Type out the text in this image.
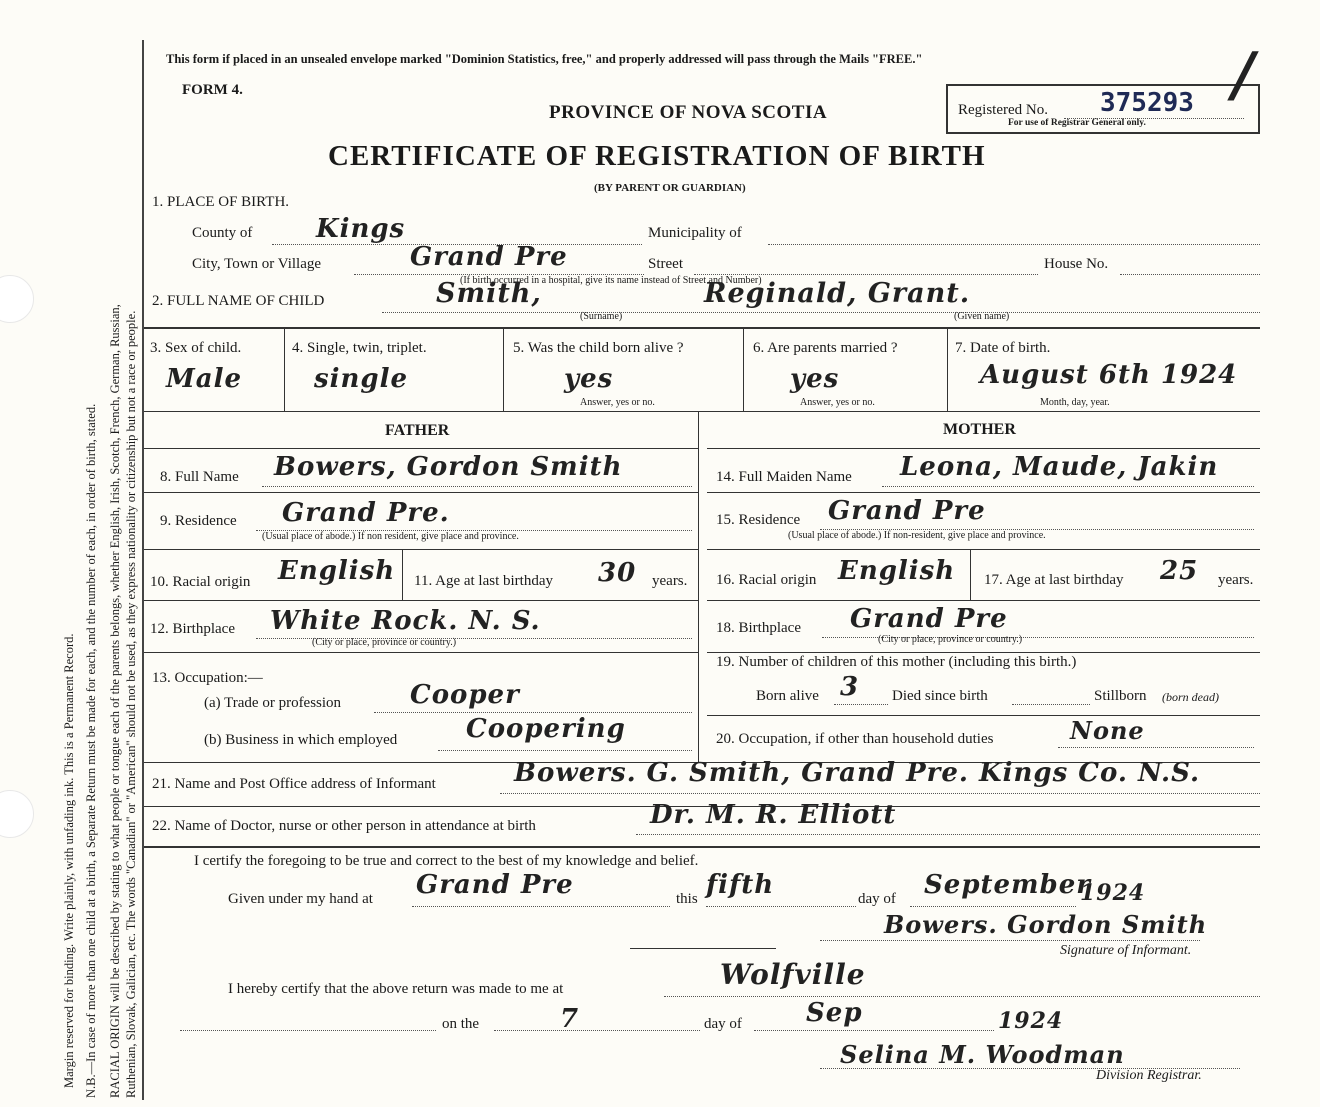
Margin reserved for binding. Write plainly, with unfading ink. This is a Permanent Record. N.B.—In case of more than one child at a birth, a Separate Return must be made for each, and the number of each, in order of birth, stated. RACIAL ORIGIN will be described by stating to what people or tongue each of the parents belongs, whether English, Irish, Scotch, French, German, Russian, Ruthenian, Slovak, Galician, etc. The words "Canadian" or "American" should not be used, as they express nationality or citizenship but not a race or people.
This form if placed in an unsealed envelope marked "Dominion Statistics, free," and properly addressed will pass through the Mails "FREE."
FORM 4.
PROVINCE OF NOVA SCOTIA	Registered No. 375293
For use of Registrar General only.
/
CERTIFICATE OF REGISTRATION OF BIRTH
(BY PARENT OR GUARDIAN)
1. PLACE OF BIRTH.
County of Kings	Municipality of
City, Town or Village	Grand Pre	Street	House No.
(If birth occurred in a hospital, give its name instead of Street and Number)
2. FULL NAME OF CHILD	Smith,	Reginald, Grant.
(Surname)	(Given name)
3. Sex of child.
Male
4. Single, twin, triplet.
single
5. Was the child born alive ?
yes
Answer, yes or no.
6. Are parents married ?
yes
Answer, yes or no.
7. Date of birth.
August 6th 1924
Month, day, year.
FATHER	MOTHER
8. Full Name Bowers, Gordon Smith
9. Residence Grand Pre.
(Usual place of abode.) If non resident, give place and province.
10. Racial origin English 11. Age at last birthday 30 years.
12. Birthplace White Rock. N. S.
(City or place, province or country.)
13. Occupation:—
(a) Trade or profession	Cooper
(b) Business in which employed	Coopering
14. Full Maiden Name Leona, Maude, Jakin
15. Residence Grand Pre
(Usual place of abode.) If non-resident, give place and province.
16. Racial origin English 17. Age at last birthday 25 years.
18. Birthplace Grand Pre
(City or place, province or country.)
19. Number of children of this mother (including this birth.)
Born alive 3 Died since birth	Stillborn (born dead)
20. Occupation, if other than household duties	None
21. Name and Post Office address of Informant	Bowers. G. Smith, Grand Pre. Kings Co. N.S.
22. Name of Doctor, nurse or other person in attendance at birth	Dr. M. R. Elliott
I certify the foregoing to be true and correct to the best of my knowledge and belief.
Given under my hand at Grand Pre	this fifth	day of September
1924
Bowers. Gordon Smith
Signature of Informant.
I hereby certify that the above return was made to me at	Wolfville
on the	7	day of Sep	1924
Selina M. Woodman
Division Registrar.
